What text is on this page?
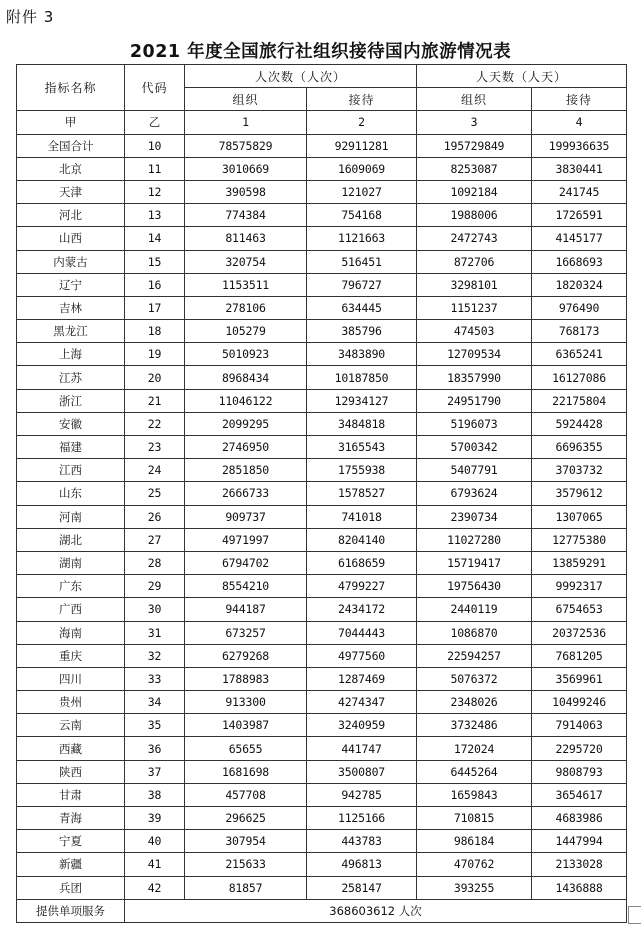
附件 3
2021 年度全国旅行社组织接待国内旅游情况表
指标名称	代码	人次数（人次）		人天数（人天）	
		组织	接待	组织	接待
甲	乙	1	2	3	4
全国合计	10	78575829	92911281	195729849	199936635
北京	11	3010669	1609069	8253087	3830441
天津	12	390598	121027	1092184	241745
河北	13	774384	754168	1988006	1726591
山西	14	811463	1121663	2472743	4145177
内蒙古	15	320754	516451	872706	1668693
辽宁	16	1153511	796727	3298101	1820324
吉林	17	278106	634445	1151237	976490
黑龙江	18	105279	385796	474503	768173
上海	19	5010923	3483890	12709534	6365241
江苏	20	8968434	10187850	18357990	16127086
浙江	21	11046122	12934127	24951790	22175804
安徽	22	2099295	3484818	5196073	5924428
福建	23	2746950	3165543	5700342	6696355
江西	24	2851850	1755938	5407791	3703732
山东	25	2666733	1578527	6793624	3579612
河南	26	909737	741018	2390734	1307065
湖北	27	4971997	8204140	11027280	12775380
湖南	28	6794702	6168659	15719417	13859291
广东	29	8554210	4799227	19756430	9992317
广西	30	944187	2434172	2440119	6754653
海南	31	673257	7044443	1086870	20372536
重庆	32	6279268	4977560	22594257	7681205
四川	33	1788983	1287469	5076372	3569961
贵州	34	913300	4274347	2348026	10499246
云南	35	1403987	3240959	3732486	7914063
西藏	36	65655	441747	172024	2295720
陕西	37	1681698	3500807	6445264	9808793
甘肃	38	457708	942785	1659843	3654617
青海	39	296625	1125166	710815	4683986
宁夏	40	307954	443783	986184	1447994
新疆	41	215633	496813	470762	2133028
兵团	42	81857	258147	393255	1436888
提供单项服务	368603612 人次				
